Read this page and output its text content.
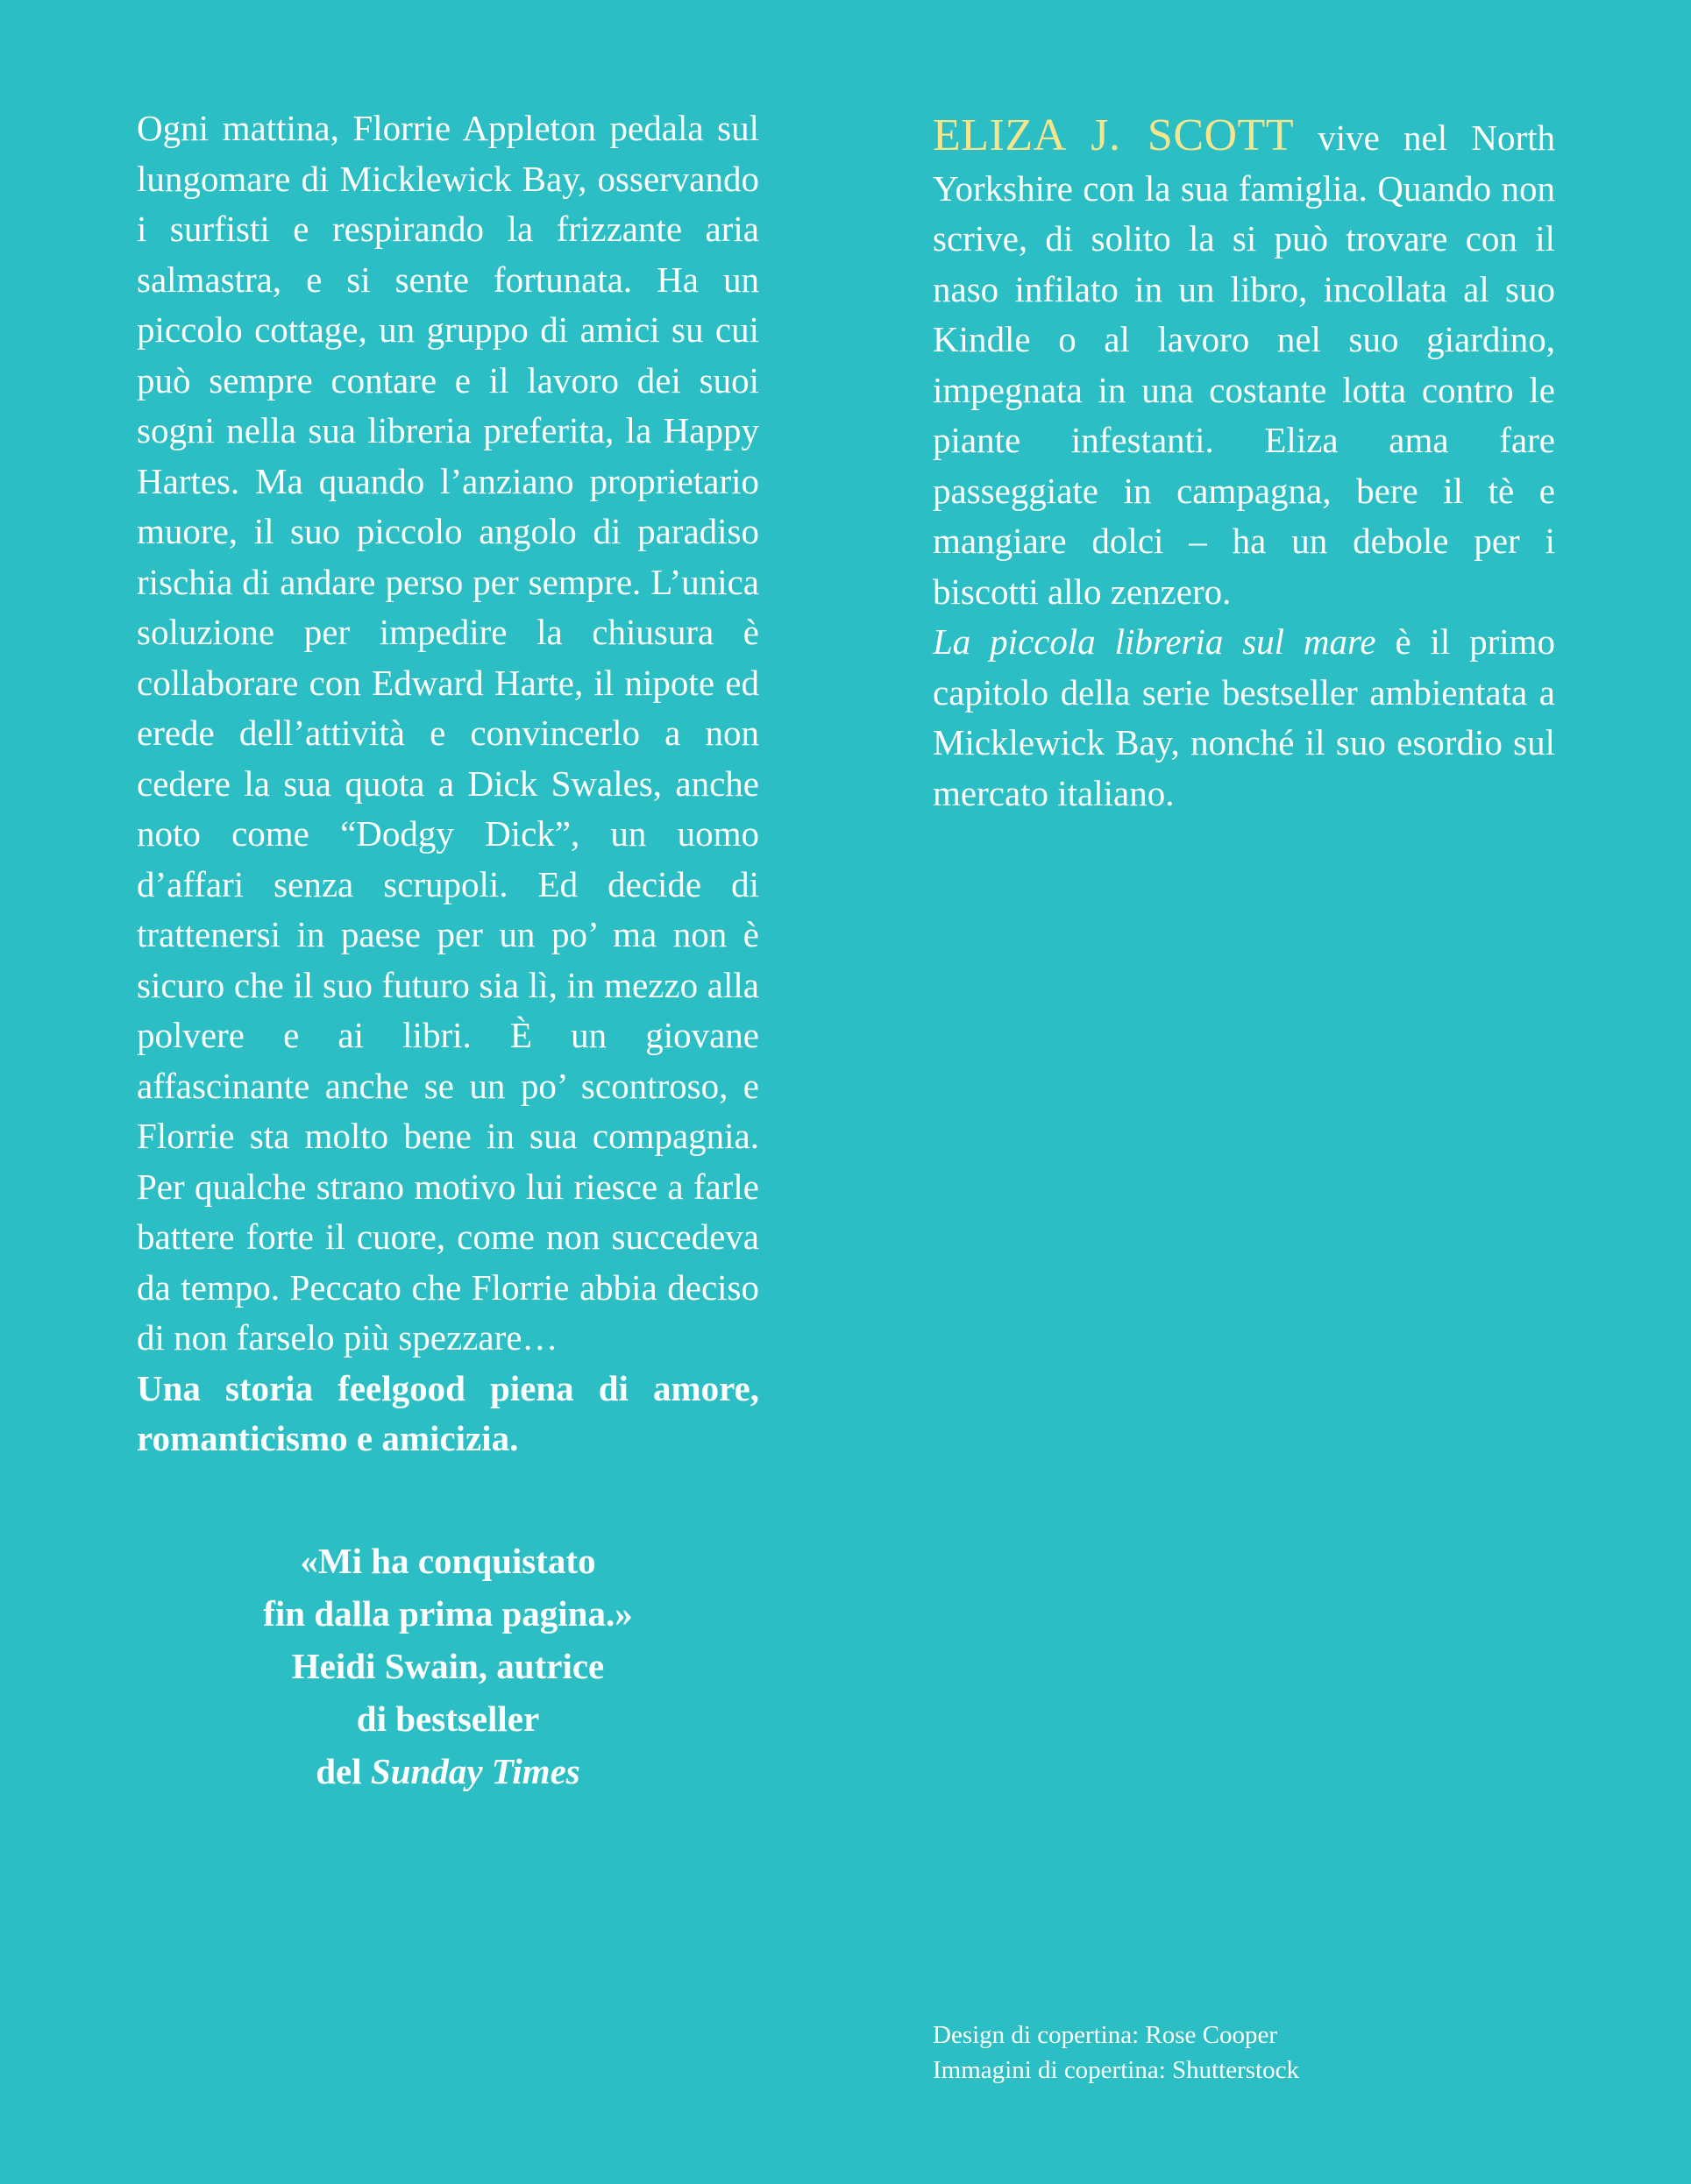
Ogni mattina, Florrie Appleton pedala sul lungomare di Micklewick Bay, osservando i surfisti e respirando la frizzante aria salmastra, e si sente fortunata. Ha un piccolo cottage, un gruppo di amici su cui può sempre contare e il lavoro dei suoi sogni nella sua libreria preferita, la Happy Hartes. Ma quando l’anziano proprietario muore, il suo piccolo angolo di paradiso rischia di andare perso per sempre. L’unica soluzione per impedire la chiusura è collaborare con Edward Harte, il nipote ed erede dell’attività e convincerlo a non cedere la sua quota a Dick Swales, anche noto come “Dodgy Dick”, un uomo d’affari senza scrupoli. Ed decide di trattenersi in paese per un po’ ma non è sicuro che il suo futuro sia lì, in mezzo alla polvere e ai libri. È un giovane affascinante anche se un po’ scontroso, e Florrie sta molto bene in sua compagnia. Per qualche strano motivo lui riesce a farle battere forte il cuore, come non succedeva da tempo. Peccato che Florrie abbia deciso di non farselo più spezzare…

Una storia feelgood piena di amore, romanticismo e amicizia.

«Mi ha conquistato
fin dalla prima pagina.»
Heidi Swain, autrice
di bestseller
del Sunday Times

ELIZA J. SCOTT vive nel North Yorkshire con la sua famiglia. Quando non scrive, di solito la si può trovare con il naso infilato in un libro, incollata al suo Kindle o al lavoro nel suo giardino, impegnata in una costante lotta contro le piante infestanti. Eliza ama fare passeggiate in campagna, bere il tè e mangiare dolci – ha un debole per i biscotti allo zenzero.
La piccola libreria sul mare è il primo capitolo della serie bestseller ambientata a Micklewick Bay, nonché il suo esordio sul mercato italiano.

Design di copertina: Rose Cooper
Immagini di copertina: Shutterstock
